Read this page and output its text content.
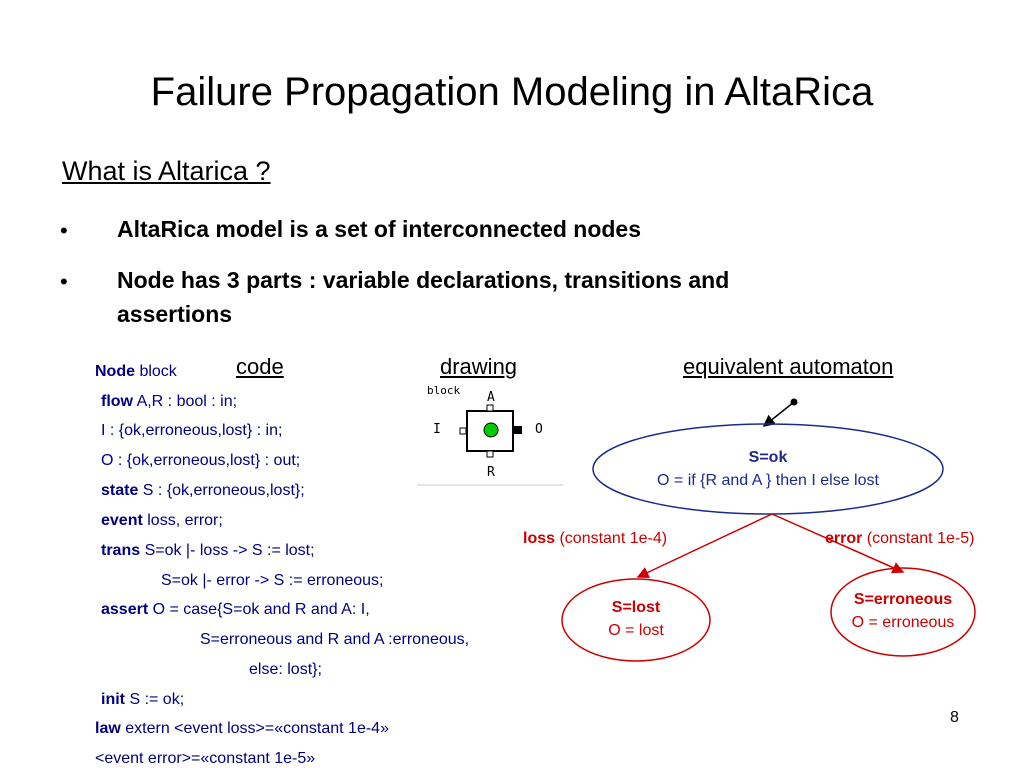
Failure Propagation Modeling in AltaRica
What is Altarica ?
• AltaRica model is a set of interconnected nodes
• Node has 3 parts : variable declarations, transitions and
assertions
code	drawing	equivalent automaton
Node block
flow A,R : bool : in;
I : {ok,erroneous,lost} : in;
O : {ok,erroneous,lost} : out;
state S : {ok,erroneous,lost};
event loss, error;
trans S=ok |- loss -> S := lost;
S=ok |- error -> S := erroneous;
assert O = case{S=ok and R and A: I,
S=erroneous and R and A :erroneous,
else: lost};
init S := ok;
law extern <event loss>=«constant 1e-4»
<event error>=«constant 1e-5»
block A
I	O
R
S=ok
O = if {R and A } then I else lost
loss (constant 1e-4)	error (constant 1e-5)
S=lost
O = lost
S=erroneous
O = erroneous
8
